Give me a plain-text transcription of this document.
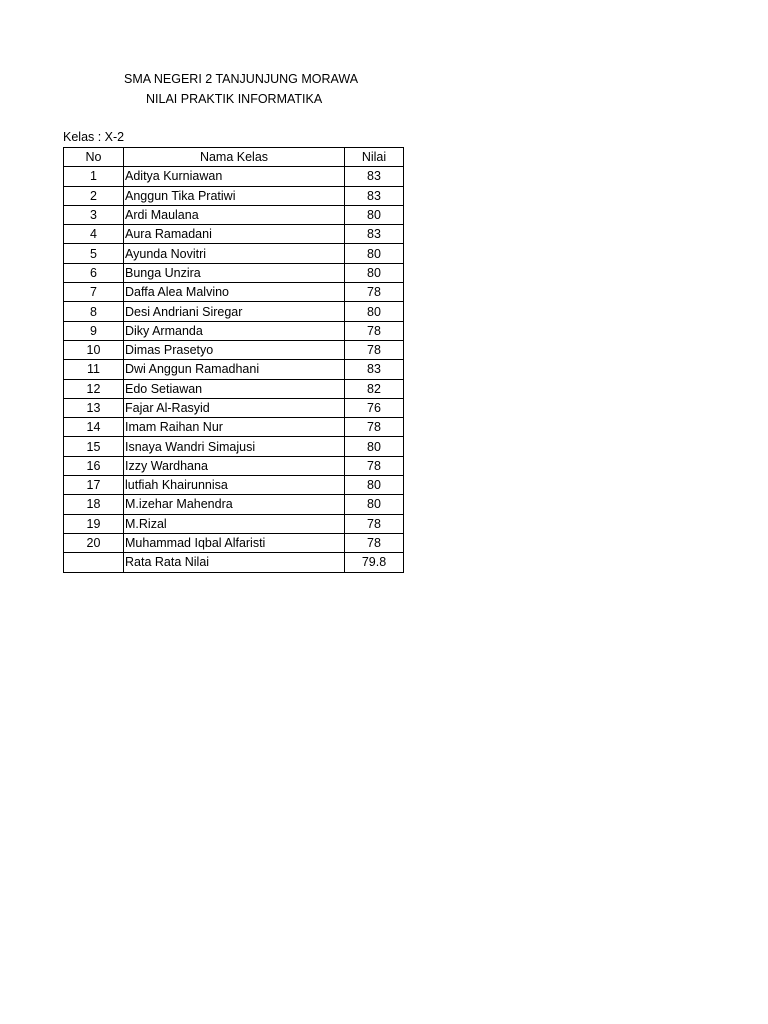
SMA NEGERI 2 TANJUNJUNG MORAWA
NILAI PRAKTIK INFORMATIKA
Kelas : X-2
No	Nama Kelas	Nilai
1	Aditya Kurniawan	83
2	Anggun Tika Pratiwi	83
3	Ardi Maulana	80
4	Aura Ramadani	83
5	Ayunda Novitri	80
6	Bunga Unzira	80
7	Daffa Alea Malvino	78
8	Desi Andriani Siregar	80
9	Diky Armanda	78
10	Dimas Prasetyo	78
11	Dwi Anggun Ramadhani	83
12	Edo Setiawan	82
13	Fajar Al-Rasyid	76
14	Imam Raihan Nur	78
15	Isnaya Wandri Simajusi	80
16	Izzy Wardhana	78
17	lutfiah Khairunnisa	80
18	M.izehar Mahendra	80
19	M.Rizal	78
20	Muhammad Iqbal Alfaristi	78
	Rata Rata Nilai	79.8
